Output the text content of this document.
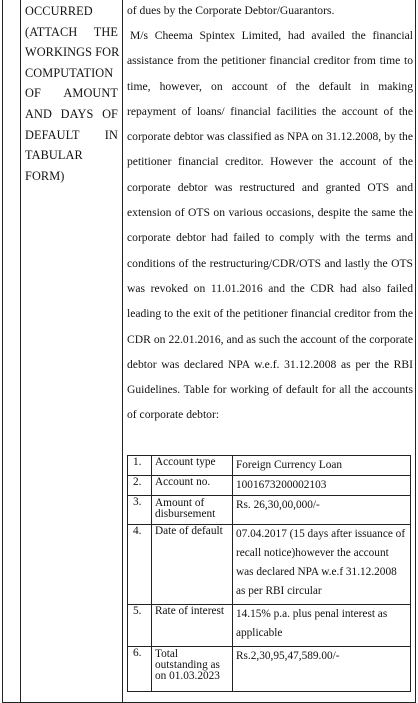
OCCURRED
(ATTACH THE
WORKINGS FOR
COMPUTATION
OF AMOUNT
AND DAYS OF
DEFAULT IN
TABULAR
FORM)
of dues by the Corporate Debtor/Guarantors.

M/s Cheema Spintex Limited, had availed the financial assistance from the petitioner financial creditor from time to time, however, on account of the default in making repayment of loans/ financial facilities the account of the corporate debtor was classified as NPA on 31.12.2008, by the petitioner financial creditor. However the account of the corporate debtor was restructured and granted OTS and extension of OTS on various occasions, despite the same the corporate debtor had failed to comply with the terms and conditions of the restructuring/CDR/OTS and lastly the OTS was revoked on 11.01.2016 and the CDR had also failed leading to the exit of the petitioner financial creditor from the CDR on 22.01.2016, and as such the account of the corporate debtor was declared NPA w.e.f. 31.12.2008 as per the RBI Guidelines. Table for working of default for all the accounts of corporate debtor:

1.	Account type	Foreign Currency Loan
2.	Account no.	1001673200002103
3.	Amount of disbursement	Rs. 26,30,00,000/-
4.	Date of default	07.04.2017 (15 days after issuance of recall notice)however the account was declared NPA w.e.f 31.12.2008 as per RBI circular
5.	Rate of interest	14.15% p.a. plus penal interest as applicable
6.	Total outstanding as on 01.03.2023	Rs.2,30,95,47,589.00/-
